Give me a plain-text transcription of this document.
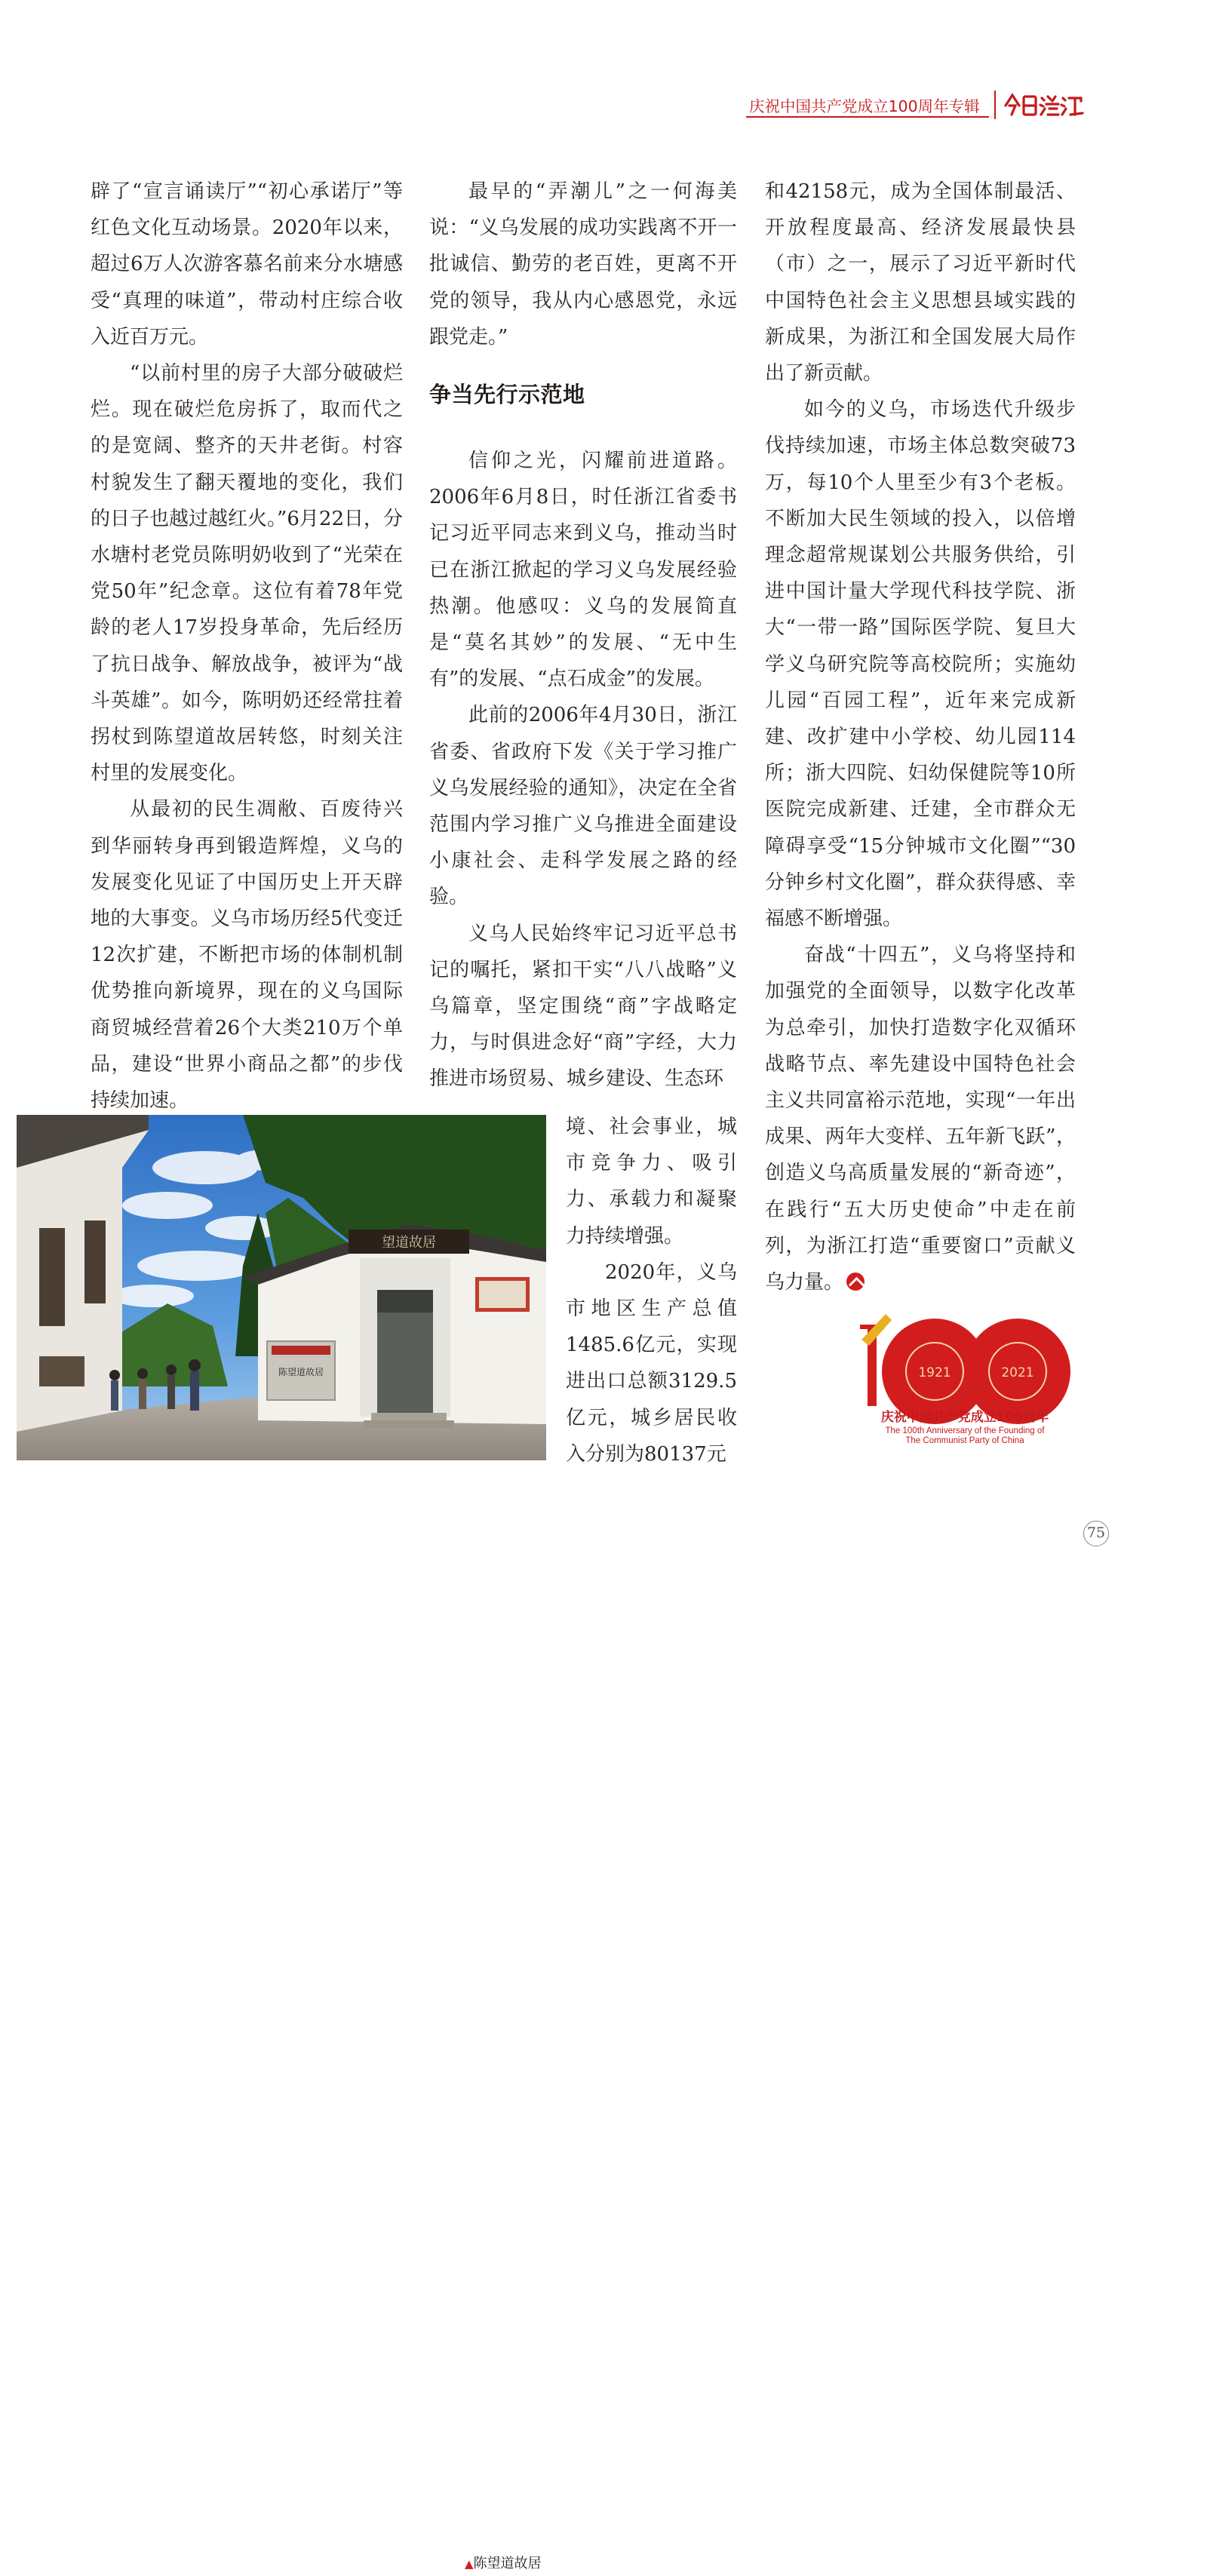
庆祝中国共产党成立100周年专辑

辟了“宣言诵读厅”“初心承诺厅”等红色文化互动场景。2020年以来，超过6万人次游客慕名前来分水塘感受“真理的味道”，带动村庄综合收入近百万元。

“以前村里的房子大部分破破烂烂。现在破烂危房拆了，取而代之的是宽阔、整齐的天井老街。村容村貌发生了翻天覆地的变化，我们的日子也越过越红火。”6月22日，分水塘村老党员陈明奶收到了“光荣在党50年”纪念章。这位有着78年党龄的老人17岁投身革命，先后经历了抗日战争、解放战争，被评为“战斗英雄”。如今，陈明奶还经常拄着拐杖到陈望道故居转悠，时刻关注村里的发展变化。

从最初的民生凋敝、百废待兴到华丽转身再到锻造辉煌，义乌的发展变化见证了中国历史上开天辟地的大事变。义乌市场历经5代变迁12次扩建，不断把市场的体制机制优势推向新境界，现在的义乌国际商贸城经营着26个大类210万个单品，建设“世界小商品之都”的步伐持续加速。

最早的“弄潮儿”之一何海美说：“义乌发展的成功实践离不开一批诚信、勤劳的老百姓，更离不开党的领导，我从内心感恩党，永远跟党走。”

争当先行示范地

信仰之光，闪耀前进道路。2006年6月8日，时任浙江省委书记习近平同志来到义乌，推动当时已在浙江掀起的学习义乌发展经验热潮。他感叹：义乌的发展简直是“莫名其妙”的发展、“无中生有”的发展、“点石成金”的发展。

此前的2006年4月30日，浙江省委、省政府下发《关于学习推广义乌发展经验的通知》，决定在全省范围内学习推广义乌推进全面建设小康社会、走科学发展之路的经验。

义乌人民始终牢记习近平总书记的嘱托，紧扣干实“八八战略”义乌篇章，坚定围绕“商”字战略定力，与时俱进念好“商”字经，大力推进市场贸易、城乡建设、生态环

境、社会事业，城市竞争力、吸引力、承载力和凝聚力持续增强。

2020年，义乌市地区生产总值1485.6亿元，实现进出口总额3129.5亿元，城乡居民收入分别为80137元

和42158元，成为全国体制最活、开放程度最高、经济发展最快县（市）之一，展示了习近平新时代中国特色社会主义思想县域实践的新成果，为浙江和全国发展大局作出了新贡献。

如今的义乌，市场迭代升级步伐持续加速，市场主体总数突破73万，每10个人里至少有3个老板。不断加大民生领域的投入，以倍增理念超常规谋划公共服务供给，引进中国计量大学现代科技学院、浙大“一带一路”国际医学院、复旦大学义乌研究院等高校院所；实施幼儿园“百园工程”，近年来完成新建、改扩建中小学校、幼儿园114所；浙大四院、妇幼保健院等10所医院完成新建、迁建，全市群众无障碍享受“15分钟城市文化圈”“30分钟乡村文化圈”，群众获得感、幸福感不断增强。

奋战“十四五”，义乌将坚持和加强党的全面领导，以数字化改革为总牵引，加快打造数字化双循环战略节点、率先建设中国特色社会主义共同富裕示范地，实现“一年出成果、两年大变样、五年新飞跃”，创造义乌高质量发展的“新奇迹”，在践行“五大历史使命”中走在前列，为浙江打造“重要窗口”贡献义乌力量。

望道故居
陈望道故居
▲陈望道故居
1921	2021
庆祝中国共产党成立100周年
The 100th Anniversary of the Founding of
The Communist Party of China
75
